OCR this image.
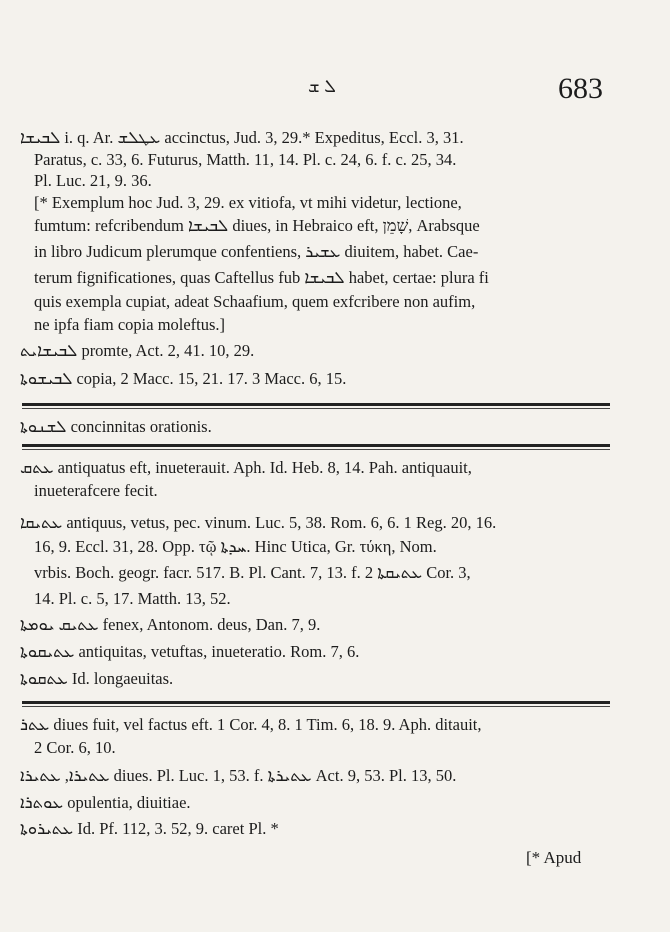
ܠ ܫ	683
ܠܒܝܫܐ i. q. Ar. ܥܛܠܫ accinctus, Jud. 3, 29.* Expeditus, Eccl. 3, 31.
Paratus, c. 33, 6. Futurus, Matth. 11, 14. Pl. c. 24, 6. f. c. 25, 34.
Pl. Luc. 21, 9. 36.
[* Exemplum hoc Jud. 3, 29. ex vitiofa, vt mihi videtur, lectione,
fumtum: refcribendum ܠܒܝܫܐ diues, in Hebraico eft, שָׁמֵן, Arabsque
in libro Judicum plerumque confentiens, ܥܫܝܪ diuitem, habet. Cae-
terum fignificationes, quas Caftellus fub ܠܒܝܫܐ habet, certae: plura fi
quis exempla cupiat, adeat Schaafium, quem exfcribere non aufim,
ne ipfa fiam copia moleftus.]
ܠܒܝܫܐܝܬ promte, Act. 2, 41. 10, 29.
ܠܒܝܫܘܬܐ copia, 2 Macc. 15, 21. 17. 3 Macc. 6, 15.
ܠܫܢܘܬܐ concinnitas orationis.
ܥܬܩ antiquatus eft, inueterauit. Aph. Id. Heb. 8, 14. Pah. antiquauit,
inueterafcere fecit.
ܥܬܝܩܐ antiquus, vetus, pec. vinum. Luc. 5, 38. Rom. 6, 6. 1 Reg. 20, 16.
16, 9. Eccl. 31, 28. Opp. τῷ ܚܕܬܐ. Hinc Utica, Gr. τύκη, Nom.
vrbis. Boch. geogr. facr. 517. B. Pl. Cant. 7, 13. f. ܥܬܝܩܬܐ 2 Cor. 3,
14. Pl. c. 5, 17. Matth. 13, 52.
ܥܬܝܩ ܝܘܡܬܐ fenex, Antonom. deus, Dan. 7, 9.
ܥܬܝܩܘܬܐ antiquitas, vetuftas, inueteratio. Rom. 7, 6.
ܥܬܩܘܬܐ Id. longaeuitas.
ܥܬܪ diues fuit, vel factus eft. 1 Cor. 4, 8. 1 Tim. 6, 18. 9. Aph. ditauit,
2 Cor. 6, 10.
ܥܬܝܪܐ, ܥܬܝܪܐ diues. Pl. Luc. 1, 53. f. ܥܬܝܪܬܐ Act. 9, 53. Pl. 13, 50.
ܥܘܬܪܐ opulentia, diuitiae.
ܥܬܝܪܘܬܐ Id. Pf. 112, 3. 52, 9. caret Pl. *
[* Apud
